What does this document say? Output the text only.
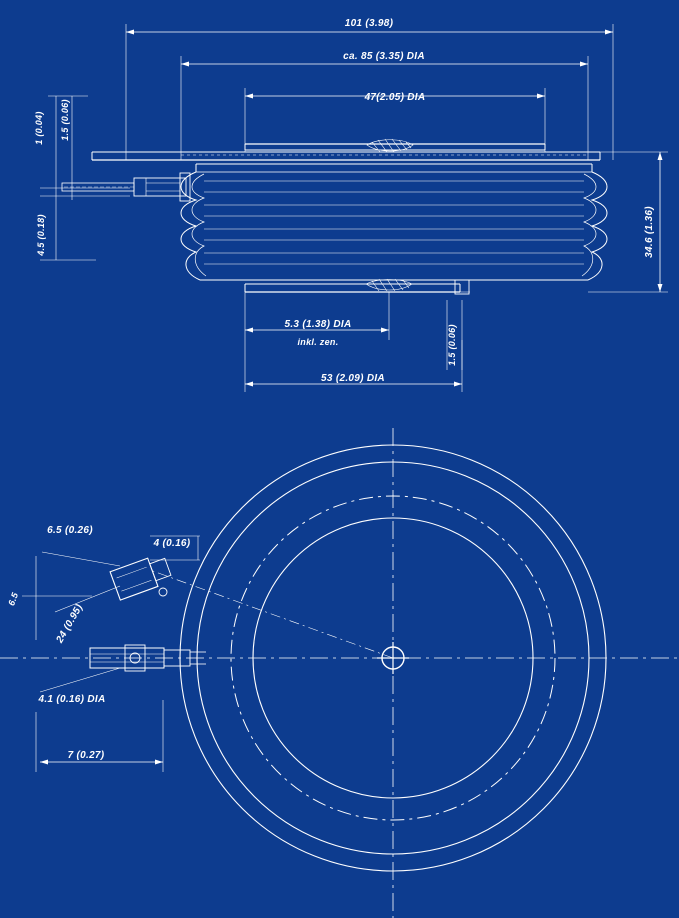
101 (3.98)
ca. 85 (3.35) DIA
47(2.05) DIA
1 (0.04) 1.5 (0.06)
4.5 (0.18)	34.6 (1.36)
5.3 (1.38) DIA
inkl. zen.	1.5 (0.06)
53 (2.09) DIA
6.5 (0.26)
4 (0.16)
24 (0.95)
6.5
4.1 (0.16) DIA
7 (0.27)
